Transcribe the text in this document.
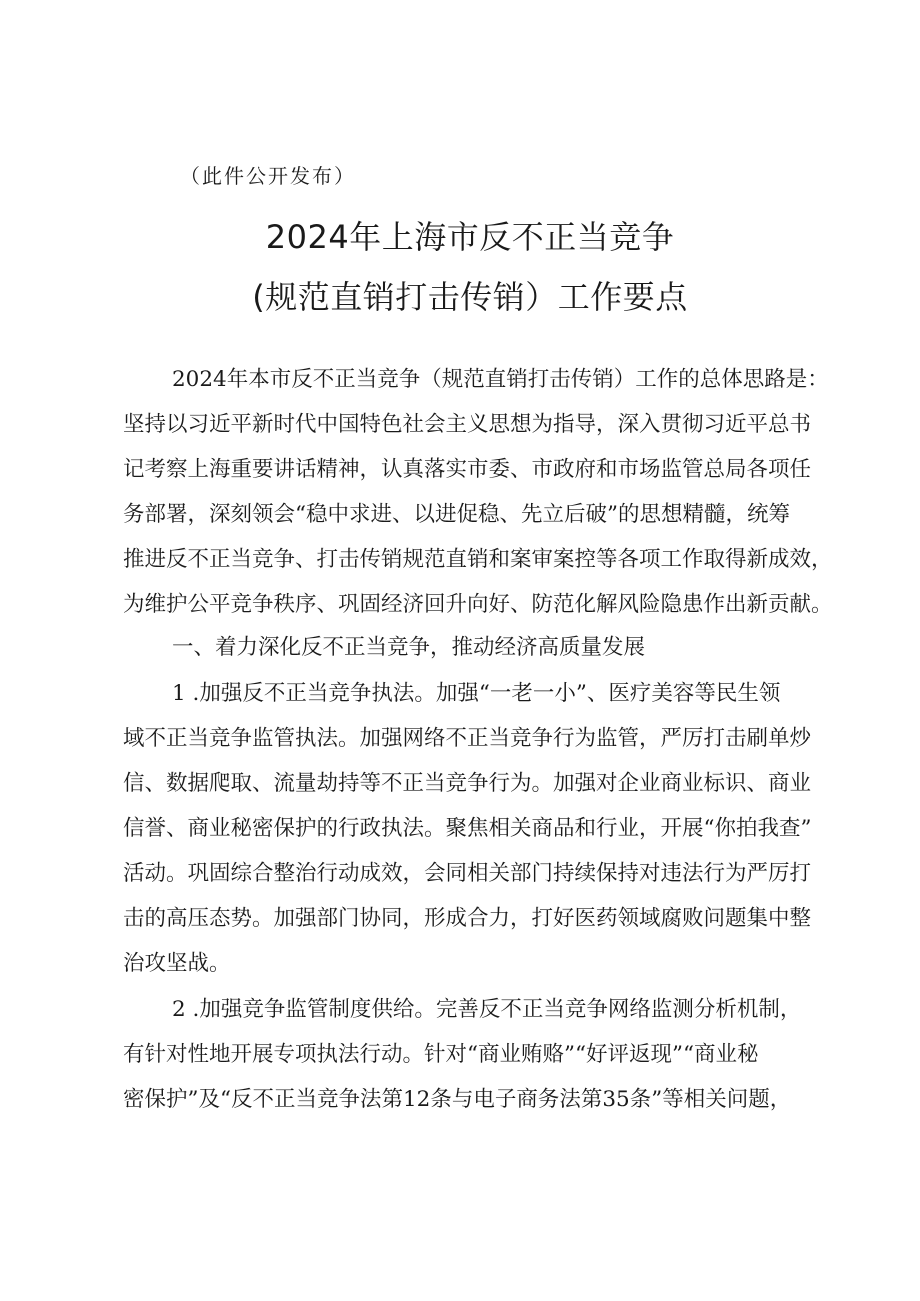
（此件公开发布）
2024年上海市反不正当竞争
(规范直销打击传销）工作要点
2024年本市反不正当竞争（规范直销打击传销）工作的总体思路是：
坚持以习近平新时代中国特色社会主义思想为指导，深入贯彻习近平总书
记考察上海重要讲话精神，认真落实市委、市政府和市场监管总局各项任
务部署，深刻领会“稳中求进、以进促稳、先立后破”的思想精髓，统筹
推进反不正当竞争、打击传销规范直销和案审案控等各项工作取得新成效，
为维护公平竞争秩序、巩固经济回升向好、防范化解风险隐患作出新贡献。
一、着力深化反不正当竞争，推动经济高质量发展
1 .加强反不正当竞争执法。加强“一老一小”、医疗美容等民生领
域不正当竞争监管执法。加强网络不正当竞争行为监管，严厉打击刷单炒
信、数据爬取、流量劫持等不正当竞争行为。加强对企业商业标识、商业
信誉、商业秘密保护的行政执法。聚焦相关商品和行业，开展“你拍我查”
活动。巩固综合整治行动成效，会同相关部门持续保持对违法行为严厉打
击的高压态势。加强部门协同，形成合力，打好医药领域腐败问题集中整
治攻坚战。
2 .加强竞争监管制度供给。完善反不正当竞争网络监测分析机制，
有针对性地开展专项执法行动。针对“商业贿赂”“好评返现”“商业秘
密保护”及“反不正当竞争法第12条与电子商务法第35条”等相关问题，
